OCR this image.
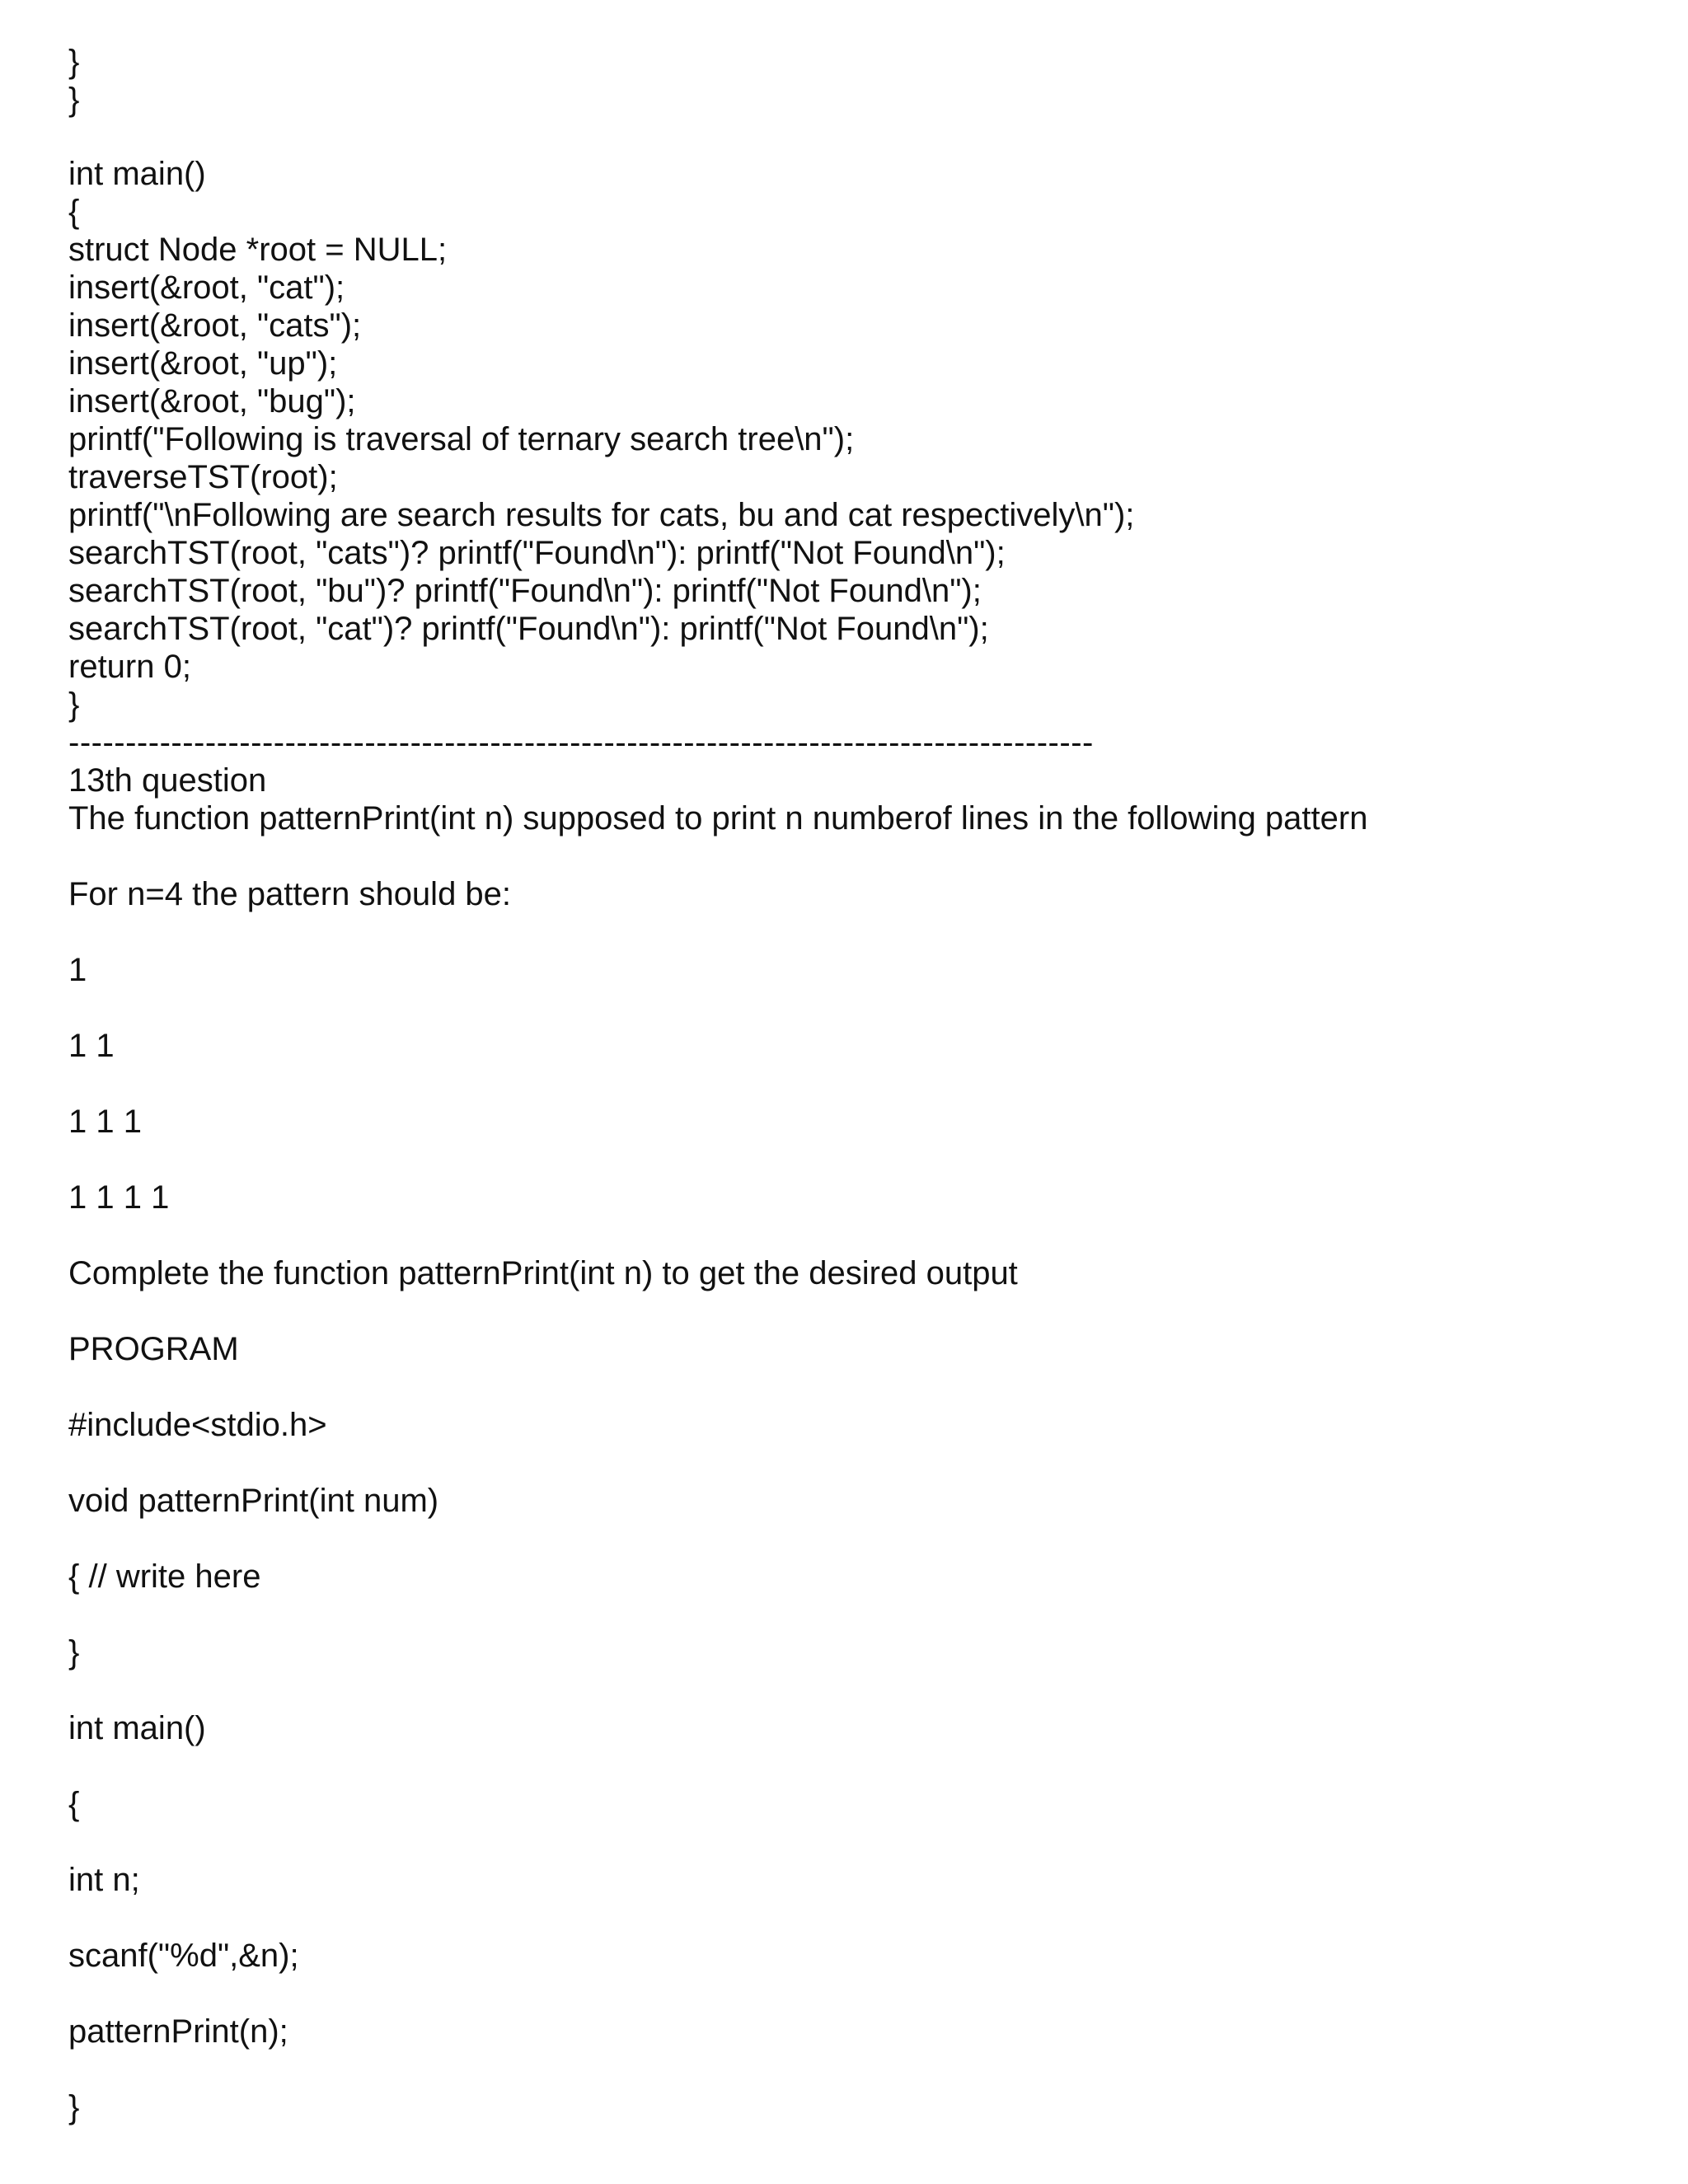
}

}

int main()

{

struct Node *root = NULL;

insert(&root, "cat");

insert(&root, "cats");

insert(&root, "up");

insert(&root, "bug");

printf("Following is traversal of ternary search tree\n");

traverseTST(root);

printf("\nFollowing are search results for cats, bu and cat respectively\n");

searchTST(root, "cats")? printf("Found\n"): printf("Not Found\n");

searchTST(root, "bu")? printf("Found\n"): printf("Not Found\n");

searchTST(root, "cat")? printf("Found\n"): printf("Not Found\n");

return 0;

}

------------------------------------------------------------------------------------------

13th question

The function patternPrint(int n) supposed to print n numberof lines in the following pattern

For n=4 the pattern should be:

1

1 1

1 1 1

1 1 1 1

Complete the function patternPrint(int n) to get the desired output

PROGRAM

#include<stdio.h>

void patternPrint(int num)

{ // write here

}

int main()

{

int n;

scanf("%d",&n);

patternPrint(n);

}
